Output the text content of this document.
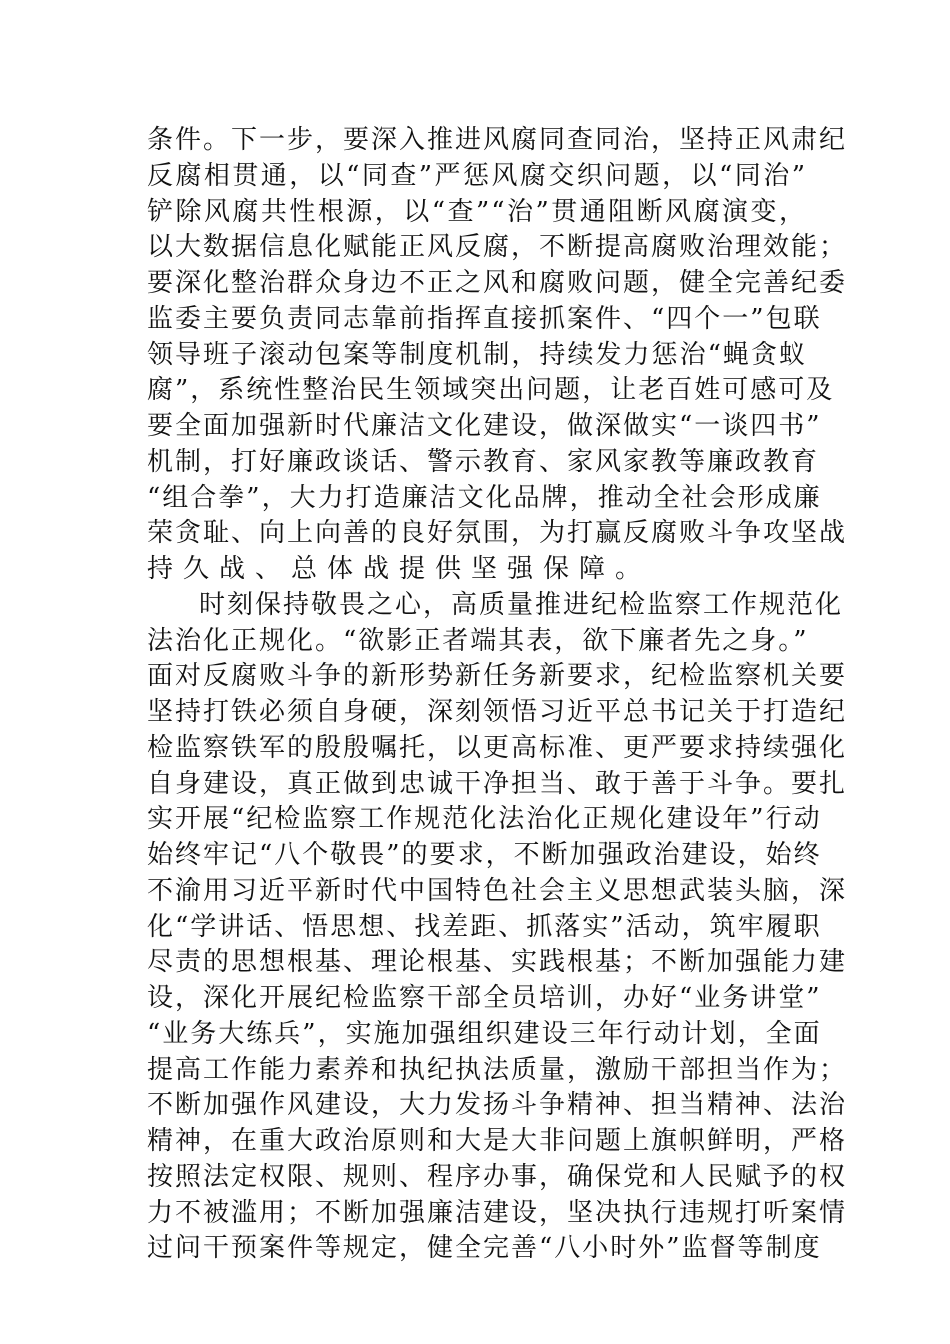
条件。下一步，要深入推进风腐同查同治，坚持正风肃纪
反腐相贯通，以“同查”严惩风腐交织问题，以“同治”
铲除风腐共性根源，以“查”“治”贯通阻断风腐演变，
以大数据信息化赋能正风反腐，不断提高腐败治理效能；
要深化整治群众身边不正之风和腐败问题，健全完善纪委
监委主要负责同志靠前指挥直接抓案件、“四个一”包联
领导班子滚动包案等制度机制，持续发力惩治“蝇贪蚁
腐”，系统性整治民生领域突出问题，让老百姓可感可及
要全面加强新时代廉洁文化建设，做深做实“一谈四书”
机制，打好廉政谈话、警示教育、家风家教等廉政教育
“组合拳”，大力打造廉洁文化品牌，推动全社会形成廉
荣贪耻、向上向善的良好氛围，为打赢反腐败斗争攻坚战
持久战、总体战提供坚强保障。
时刻保持敬畏之心，高质量推进纪检监察工作规范化
法治化正规化。“欲影正者端其表，欲下廉者先之身。”
面对反腐败斗争的新形势新任务新要求，纪检监察机关要
坚持打铁必须自身硬，深刻领悟习近平总书记关于打造纪
检监察铁军的殷殷嘱托，以更高标准、更严要求持续强化
自身建设，真正做到忠诚干净担当、敢于善于斗争。要扎
实开展“纪检监察工作规范化法治化正规化建设年”行动
始终牢记“八个敬畏”的要求，不断加强政治建设，始终
不渝用习近平新时代中国特色社会主义思想武装头脑，深
化“学讲话、悟思想、找差距、抓落实”活动，筑牢履职
尽责的思想根基、理论根基、实践根基；不断加强能力建
设，深化开展纪检监察干部全员培训，办好“业务讲堂”
“业务大练兵”，实施加强组织建设三年行动计划，全面
提高工作能力素养和执纪执法质量，激励干部担当作为；
不断加强作风建设，大力发扬斗争精神、担当精神、法治
精神，在重大政治原则和大是大非问题上旗帜鲜明，严格
按照法定权限、规则、程序办事，确保党和人民赋予的权
力不被滥用；不断加强廉洁建设，坚决执行违规打听案情
过问干预案件等规定，健全完善“八小时外”监督等制度
